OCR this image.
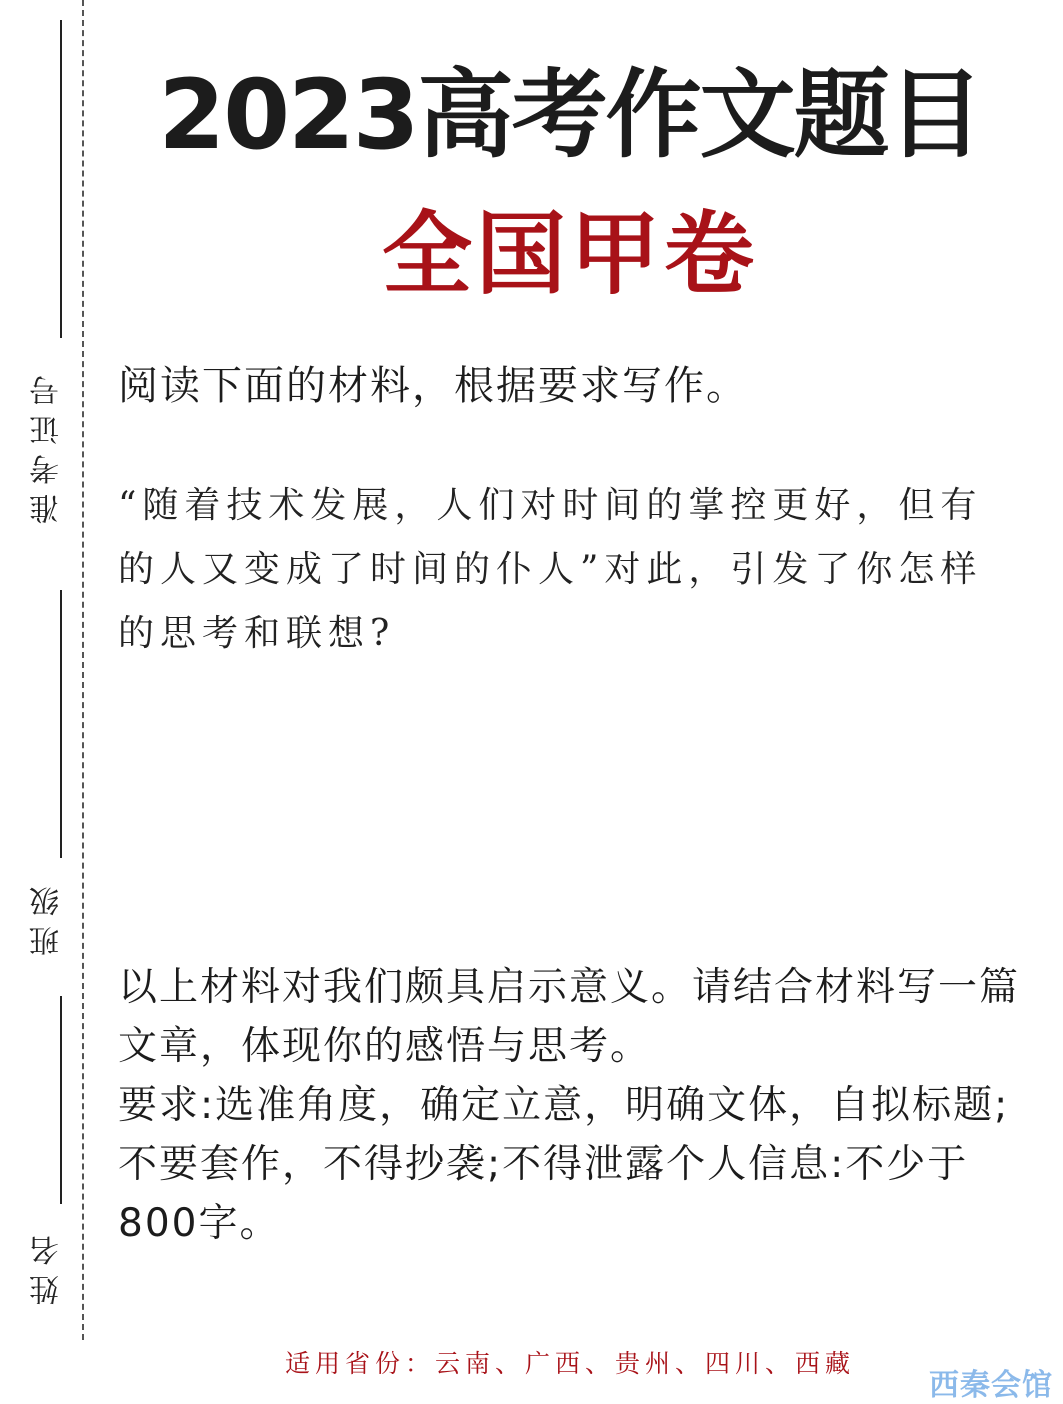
准 考 证 号
班 级
姓 名
2023高考作文题目
全国甲卷
阅读下面的材料，根据要求写作。
“随着技术发展，人们对时间的掌控更好，但有的人又变成了时间的仆人”对此，引发了你怎样的思考和联想?
以上材料对我们颇具启示意义。请结合材料写一篇文章，体现你的感悟与思考。
要求:选准角度，确定立意，明确文体，自拟标题;不要套作，不得抄袭;不得泄露个人信息:不少于800字。
适用省份：云南、广西、贵州、四川、西藏
西秦会馆
